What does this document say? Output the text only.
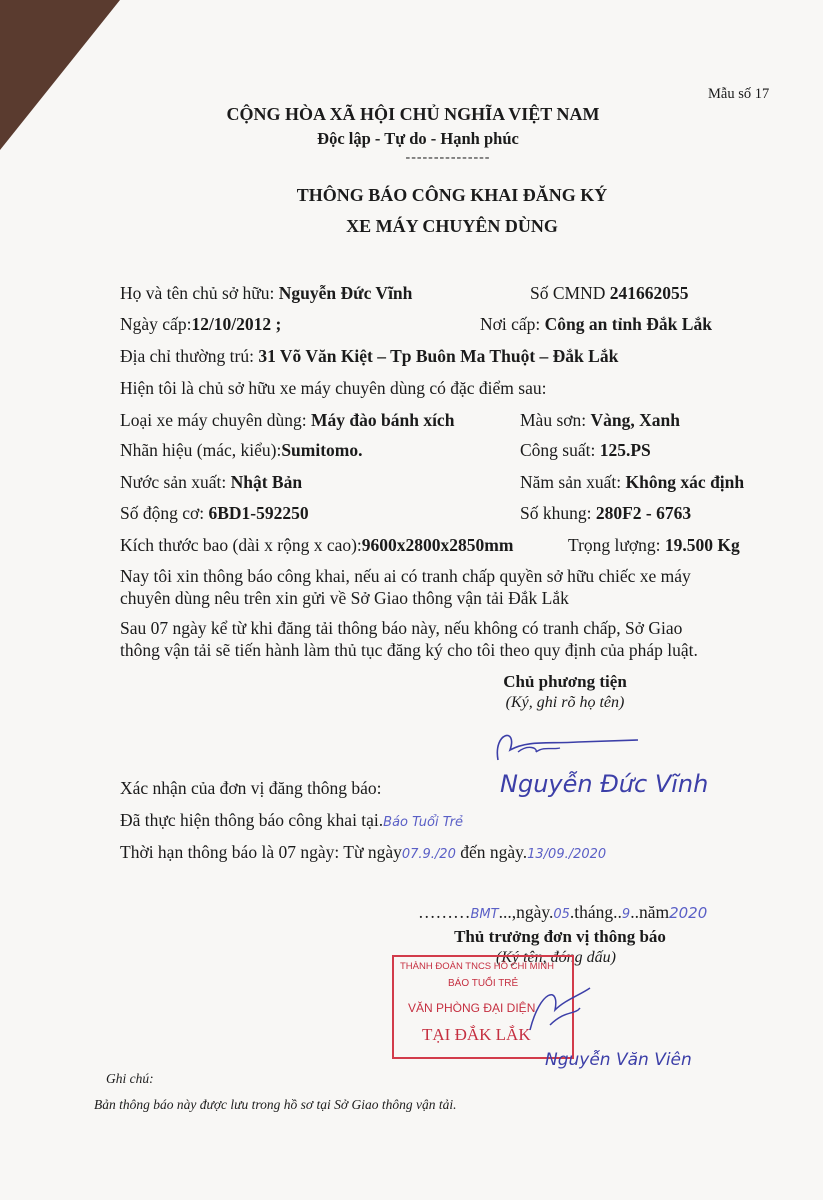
Mẫu số 17
CỘNG HÒA XÃ HỘI CHỦ NGHĨA VIỆT NAM
Độc lập - Tự do - Hạnh phúc
---------------
THÔNG BÁO CÔNG KHAI ĐĂNG KÝ
XE MÁY CHUYÊN DÙNG
Họ và tên chủ sở hữu: Nguyễn Đức Vĩnh	Số CMND 241662055
Ngày cấp:12/10/2012 ;	Nơi cấp: Công an tỉnh Đắk Lắk
Địa chỉ thường trú: 31 Võ Văn Kiệt – Tp Buôn Ma Thuột – Đắk Lắk
Hiện tôi là chủ sở hữu xe máy chuyên dùng có đặc điểm sau:
Loại xe máy chuyên dùng: Máy đào bánh xích	Màu sơn: Vàng, Xanh
Nhãn hiệu (mác, kiểu):Sumitomo.	Công suất: 125.PS
Nước sản xuất: Nhật Bản	Năm sản xuất: Không xác định
Số động cơ: 6BD1-592250	Số khung: 280F2 - 6763
Kích thước bao (dài x rộng x cao):9600x2800x2850mm	Trọng lượng: 19.500 Kg
Nay tôi xin thông báo công khai, nếu ai có tranh chấp quyền sở hữu chiếc xe máy
chuyên dùng nêu trên xin gửi về Sở Giao thông vận tải Đắk Lắk
Sau 07 ngày kể từ khi đăng tải thông báo này, nếu không có tranh chấp, Sở Giao
thông vận tải sẽ tiến hành làm thủ tục đăng ký cho tôi theo quy định của pháp luật.
Chủ phương tiện
(Ký, ghi rõ họ tên)
Nguyễn Đức Vĩnh
Xác nhận của đơn vị đăng thông báo:
Đã thực hiện thông báo công khai tại.Báo Tuổi Trẻ
Thời hạn thông báo là 07 ngày: Từ ngày07.9./20 đến ngày.13/09./2020
………BMT...,ngày.05.tháng..9..năm2020
Thủ trưởng đơn vị thông báo
(Ký tên, đóng dấu)
THÀNH ĐOÀN TNCS HỒ CHÍ MINH
BÁO TUỔI TRẺ
VĂN PHÒNG ĐẠI DIỆN
TẠI ĐẮK LẮK
Nguyễn Văn Viên
Ghi chú:
Bản thông báo này được lưu trong hồ sơ tại Sở Giao thông vận tải.
